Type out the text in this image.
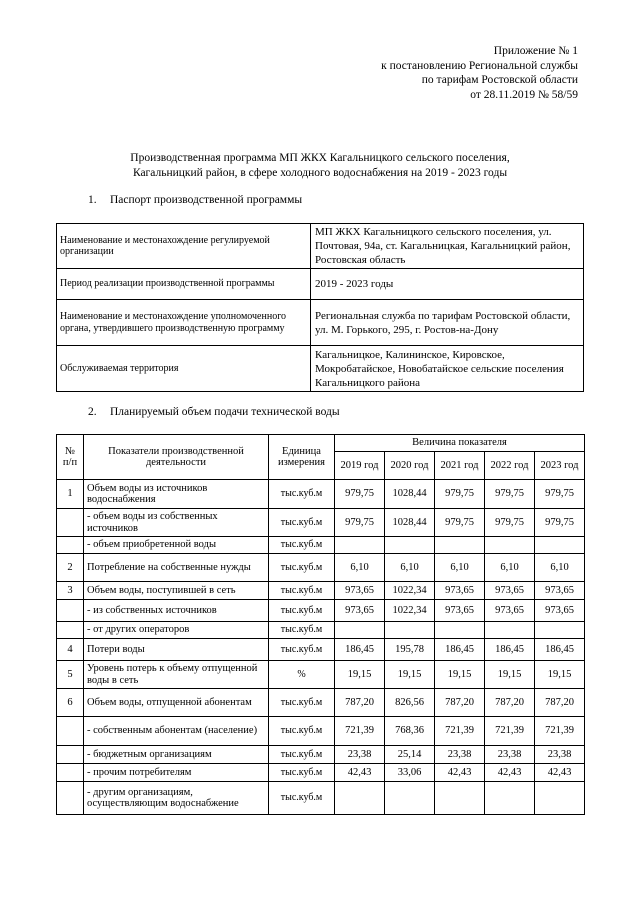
Приложение № 1
к постановлению Региональной службы
по тарифам Ростовской области
от 28.11.2019 № 58/59
Производственная программа МП ЖКХ Кагальницкого сельского поселения,
Кагальницкий район, в сфере холодного водоснабжения на 2019 - 2023 годы
1. Паспорт производственной программы
Наименование и местонахождение регулируемой организации	МП ЖКХ Кагальницкого сельского поселения, ул. Почтовая, 94а, ст. Кагальницкая, Кагальницкий район, Ростовская область
Период реализации производственной программы	2019 - 2023 годы
Наименование и местонахождение уполномоченного органа, утвердившего производственную программу	Региональная служба по тарифам Ростовской области, ул. М. Горького, 295, г. Ростов-на-Дону
Обслуживаемая территория	Кагальницкое, Калининское, Кировское, Мокробатайское, Новобатайское сельские поселения Кагальницкого района
2. Планируемый объем подачи технической воды
№ п/п	Показатели производственной деятельности	Единица измерения	Величина показателя				
			2019 год	2020 год	2021 год	2022 год	2023 год
1	Объем воды из источников водоснабжения	тыс.куб.м	979,75	1028,44	979,75	979,75	979,75
	- объем воды из собственных источников	тыс.куб.м	979,75	1028,44	979,75	979,75	979,75
	- объем приобретенной воды	тыс.куб.м					
2	Потребление на собственные нужды	тыс.куб.м	6,10	6,10	6,10	6,10	6,10
3	Объем воды, поступившей в сеть	тыс.куб.м	973,65	1022,34	973,65	973,65	973,65
	- из собственных источников	тыс.куб.м	973,65	1022,34	973,65	973,65	973,65
	- от других операторов	тыс.куб.м					
4	Потери воды	тыс.куб.м	186,45	195,78	186,45	186,45	186,45
5	Уровень потерь к объему отпущенной воды в сеть	%	19,15	19,15	19,15	19,15	19,15
6	Объем воды, отпущенной абонентам	тыс.куб.м	787,20	826,56	787,20	787,20	787,20
	- собственным абонентам (население)	тыс.куб.м	721,39	768,36	721,39	721,39	721,39
	- бюджетным организациям	тыс.куб.м	23,38	25,14	23,38	23,38	23,38
	- прочим потребителям	тыс.куб.м	42,43	33,06	42,43	42,43	42,43
	- другим организациям, осуществляющим водоснабжение	тыс.куб.м					
